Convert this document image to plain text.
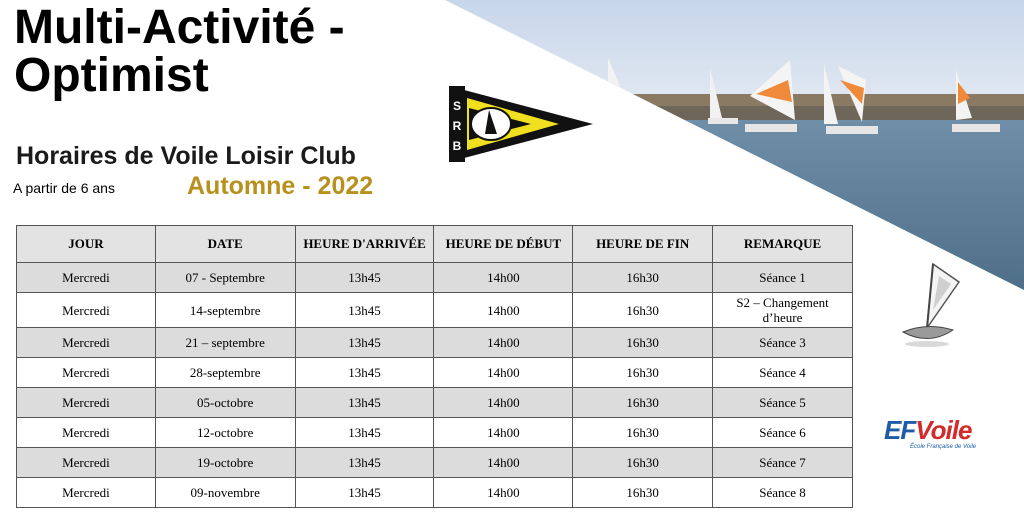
Multi-Activité -
Optimist
Horaires de Voile Loisir Club
A partir de 6 ans	Automne - 2022
S
R
B
JOUR	DATE	HEURE D'ARRIVÉE	HEURE DE DÉBUT	HEURE DE FIN	REMARQUE
Mercredi	07 - Septembre	13h45	14h00	16h30	Séance 1
Mercredi	14-septembre	13h45	14h00	16h30	S2 – Changement d’heure
Mercredi	21 – septembre	13h45	14h00	16h30	Séance 3
Mercredi	28-septembre	13h45	14h00	16h30	Séance 4
Mercredi	05-octobre	13h45	14h00	16h30	Séance 5
Mercredi	12-octobre	13h45	14h00	16h30	Séance 6
Mercredi	19-octobre	13h45	14h00	16h30	Séance 7
Mercredi	09-novembre	13h45	14h00	16h30	Séance 8
EFVoile
École Française de Voile
